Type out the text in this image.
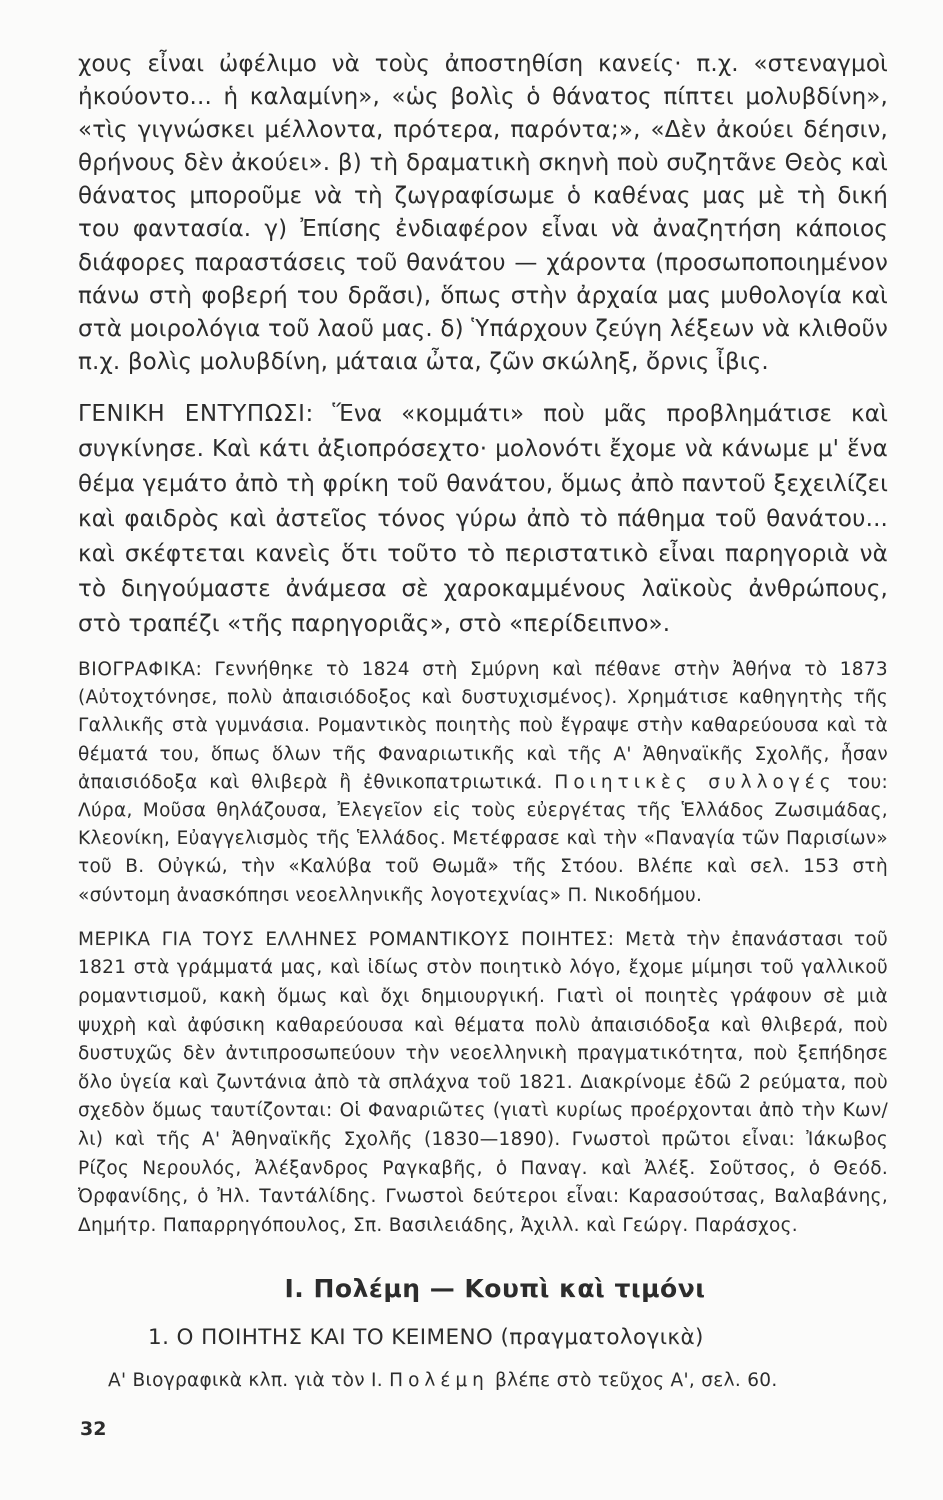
χους εἶναι ὠφέλιμο νὰ τοὺς ἀποστηθίση κανείς· π.χ. «στεναγμοὶ ἠκούοντο... ἡ καλαμίνη», «ὡς βολὶς ὁ θάνατος πίπτει μολυβδίνη», «τὶς γιγνώσκει μέλλοντα, πρότερα, παρόντα;», «Δὲν ἀκούει δέησιν, θρήνους δὲν ἀκούει». β) τὴ δραματικὴ σκηνὴ ποὺ συζητᾶνε Θεὸς καὶ θάνατος μποροῦμε νὰ τὴ ζωγραφίσωμε ὁ καθένας μας μὲ τὴ δική του φαντασία. γ) Ἐπίσης ἐνδιαφέρον εἶναι νὰ ἀναζητήση κάποιος διάφορες παραστάσεις τοῦ θανάτου — χάροντα (προσωποποιημένον πάνω στὴ φοβερή του δρᾶσι), ὅπως στὴν ἀρχαία μας μυθολογία καὶ στὰ μοιρολόγια τοῦ λαοῦ μας. δ) Ὑπάρχουν ζεύγη λέξεων νὰ κλιθοῦν π.χ. βολὶς μολυβδίνη, μάταια ὦτα, ζῶν σκώληξ, ὄρνις ἶβις.

ΓΕΝΙΚΗ ΕΝΤΥΠΩΣΙ: Ἕνα «κομμάτι» ποὺ μᾶς προβλημάτισε καὶ συγκίνησε. Καὶ κάτι ἀξιοπρόσεχτο· μολονότι ἔχομε νὰ κάνωμε μ' ἕνα θέμα γεμάτο ἀπὸ τὴ φρίκη τοῦ θανάτου, ὅμως ἀπὸ παντοῦ ξεχειλίζει καὶ φαιδρὸς καὶ ἀστεῖος τόνος γύρω ἀπὸ τὸ πάθημα τοῦ θανάτου... καὶ σκέφτεται κανεὶς ὅτι τοῦτο τὸ περιστατικὸ εἶναι παρηγοριὰ νὰ τὸ διηγούμαστε ἀνάμεσα σὲ χαροκαμμένους λαϊκοὺς ἀνθρώπους, στὸ τραπέζι «τῆς παρηγοριᾶς», στὸ «περίδειπνο».

ΒΙΟΓΡΑΦΙΚΑ: Γεννήθηκε τὸ 1824 στὴ Σμύρνη καὶ πέθανε στὴν Ἀθήνα τὸ 1873 (Αὐτοχτόνησε, πολὺ ἀπαισιόδοξος καὶ δυστυχισμένος). Χρημάτισε καθηγητὴς τῆς Γαλλικῆς στὰ γυμνάσια. Ρομαντικὸς ποιητὴς ποὺ ἔγραψε στὴν καθαρεύουσα καὶ τὰ θέματά του, ὅπως ὅλων τῆς Φαναριωτικῆς καὶ τῆς Α' Ἀθηναϊκῆς Σχολῆς, ἦσαν ἀπαισιόδοξα καὶ θλιβερὰ ἢ ἐθνικοπατριωτικά. Ποιητικὲς συλλογές του: Λύρα, Μοῦσα θηλάζουσα, Ἐλεγεῖον εἰς τοὺς εὐεργέτας τῆς Ἑλλάδος Ζωσιμάδας, Κλεονίκη, Εὐαγγελισμὸς τῆς Ἑλλάδος. Μετέφρασε καὶ τὴν «Παναγία τῶν Παρισίων» τοῦ Β. Οὐγκώ, τὴν «Καλύβα τοῦ Θωμᾶ» τῆς Στόου. Βλέπε καὶ σελ. 153 στὴ «σύντομη ἀνασκόπησι νεοελληνικῆς λογοτεχνίας» Π. Νικοδήμου.

ΜΕΡΙΚΑ ΓΙΑ ΤΟΥΣ ΕΛΛΗΝΕΣ ΡΟΜΑΝΤΙΚΟΥΣ ΠΟΙΗΤΕΣ: Μετὰ τὴν ἐπανάστασι τοῦ 1821 στὰ γράμματά μας, καὶ ἰδίως στὸν ποιητικὸ λόγο, ἔχομε μίμησι τοῦ γαλλικοῦ ρομαντισμοῦ, κακὴ ὅμως καὶ ὄχι δημιουργική. Γιατὶ οἱ ποιητὲς γράφουν σὲ μιὰ ψυχρὴ καὶ ἀφύσικη καθαρεύουσα καὶ θέματα πολὺ ἀπαισιόδοξα καὶ θλιβερά, ποὺ δυστυχῶς δὲν ἀντιπροσωπεύουν τὴν νεοελληνικὴ πραγματικότητα, ποὺ ξεπήδησε ὅλο ὑγεία καὶ ζωντάνια ἀπὸ τὰ σπλάχνα τοῦ 1821. Διακρίνομε ἐδῶ 2 ρεύματα, ποὺ σχεδὸν ὅμως ταυτίζονται: Οἱ Φαναριῶτες (γιατὶ κυρίως προέρχονται ἀπὸ τὴν Κων/λι) καὶ τῆς Α' Ἀθηναϊκῆς Σχολῆς (1830—1890). Γνωστοὶ πρῶτοι εἶναι: Ἰάκωβος Ρίζος Νερουλός, Ἀλέξανδρος Ραγκαβῆς, ὁ Παναγ. καὶ Ἀλέξ. Σοῦτσος, ὁ Θεόδ. Ὀρφανίδης, ὁ Ἠλ. Ταντάλίδης. Γνωστοὶ δεύτεροι εἶναι: Καρασούτσας, Βαλαβάνης, Δημήτρ. Παπαρρηγόπουλος, Σπ. Βασιλειάδης, Ἀχιλλ. καὶ Γεώργ. Παράσχος.

Ι. Πολέμη — Κουπὶ καὶ τιμόνι
1. Ο ΠΟΙΗΤΗΣ ΚΑΙ ΤΟ ΚΕΙΜΕΝΟ (πραγματολογικὰ)
Α' Βιογραφικὰ κλπ. γιὰ τὸν Ι. Πολέμη βλέπε στὸ τεῦχος Α', σελ. 60.
32
